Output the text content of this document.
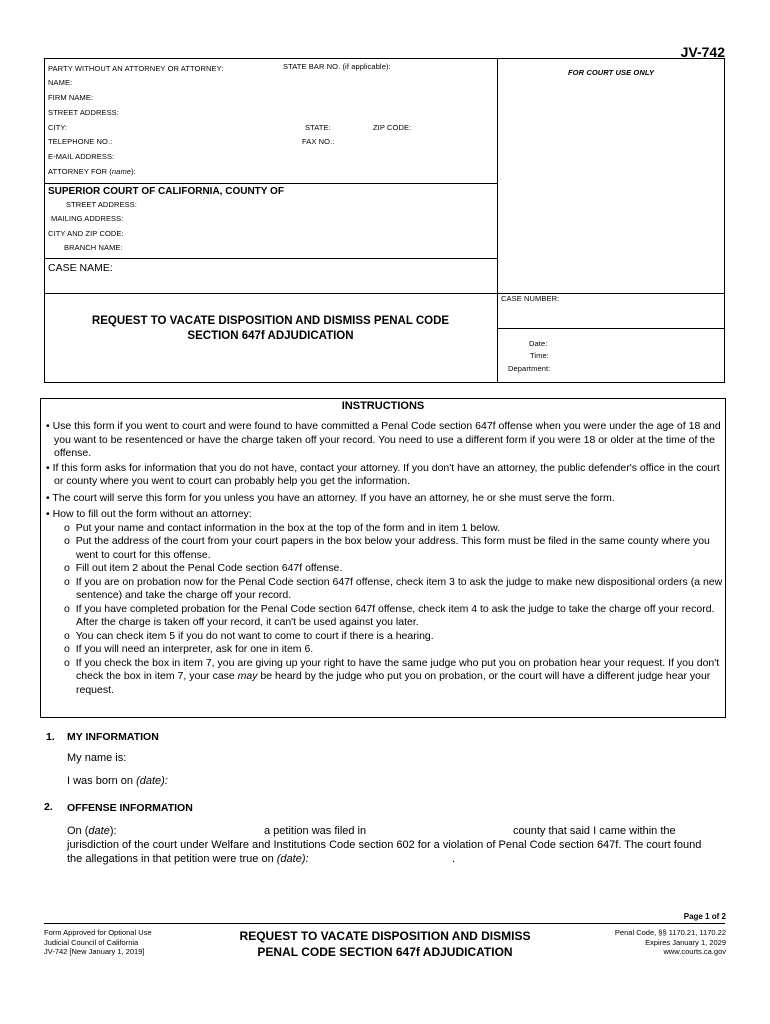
JV-742
PARTY WITHOUT AN ATTORNEY OR ATTORNEY:	STATE BAR NO. (if applicable):
FOR COURT USE ONLY
NAME:
FIRM NAME:
STREET ADDRESS:
CITY:	STATE:	ZIP CODE:
TELEPHONE NO.:	FAX NO.:
E-MAIL ADDRESS:
ATTORNEY FOR (name):
SUPERIOR COURT OF CALIFORNIA, COUNTY OF
STREET ADDRESS:
MAILING ADDRESS:
CITY AND ZIP CODE:
BRANCH NAME:
CASE NAME:
CASE NUMBER:
REQUEST TO VACATE DISPOSITION AND DISMISS PENAL CODE
SECTION 647f ADJUDICATION
Date:
Time:
Department:
INSTRUCTIONS
• Use this form if you went to court and were found to have committed a Penal Code section 647f offense when you were under the age of 18 and you want to be resentenced or have the charge taken off your record. You need to use a different form if you were 18 or older at the time of the offense.
• If this form asks for information that you do not have, contact your attorney. If you don't have an attorney, the public defender's office in the court or county where you went to court can probably help you get the information.
• The court will serve this form for you unless you have an attorney. If you have an attorney, he or she must serve the form.
• How to fill out the form without an attorney:
o Put your name and contact information in the box at the top of the form and in item 1 below.
o Put the address of the court from your court papers in the box below your address. This form must be filed in the same county where you went to court for this offense.
o Fill out item 2 about the Penal Code section 647f offense.
o If you are on probation now for the Penal Code section 647f offense, check item 3 to ask the judge to make new dispositional orders (a new sentence) and take the charge off your record.
o If you have completed probation for the Penal Code section 647f offense, check item 4 to ask the judge to take the charge off your record. After the charge is taken off your record, it can't be used against you later.
o You can check item 5 if you do not want to come to court if there is a hearing.
o If you will need an interpreter, ask for one in item 6.
o If you check the box in item 7, you are giving up your right to have the same judge who put you on probation hear your request. If you don't check the box in item 7, your case may be heard by the judge who put you on probation, or the court will have a different judge hear your request.
1. MY INFORMATION
My name is:
I was born on (date):
2. OFFENSE INFORMATION
On (date):	a petition was filed in	county that said I came within the
jurisdiction of the court under Welfare and Institutions Code section 602 for a violation of Penal Code section 647f. The court found
the allegations in that petition were true on (date):	.
Page 1 of 2
Form Approved for Optional Use
Judicial Council of California
JV-742 [New January 1, 2019]
REQUEST TO VACATE DISPOSITION AND DISMISS
PENAL CODE SECTION 647f ADJUDICATION
Penal Code, §§ 1170.21, 1170.22
Expires January 1, 2029
www.courts.ca.gov
